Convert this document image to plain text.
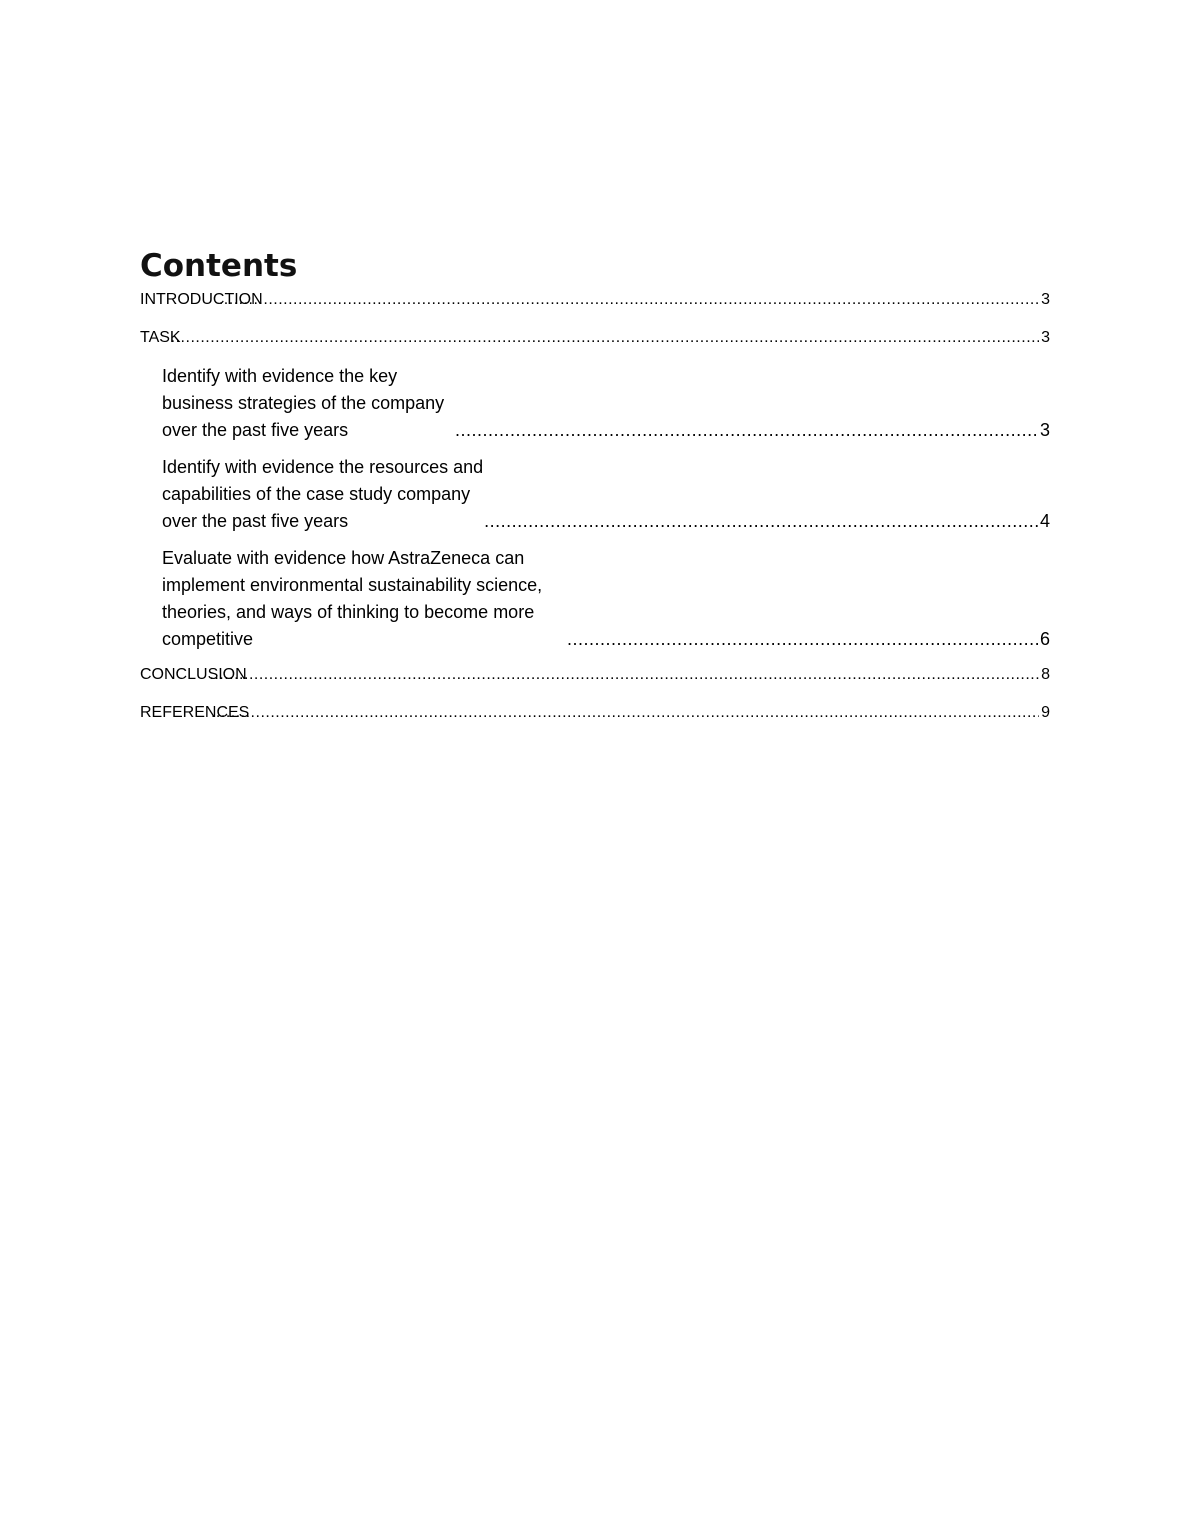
Contents
INTRODUCTION .....	3
TASK .....	3
Identify with evidence the key business strategies of the company over the past five years .....	3
Identify with evidence the resources and capabilities of the case study company over the past five years .....	4
Evaluate with evidence how AstraZeneca can implement environmental sustainability science, theories, and ways of thinking to become more competitive .....	6
CONCLUSION .....	8
REFERENCES .....	9
